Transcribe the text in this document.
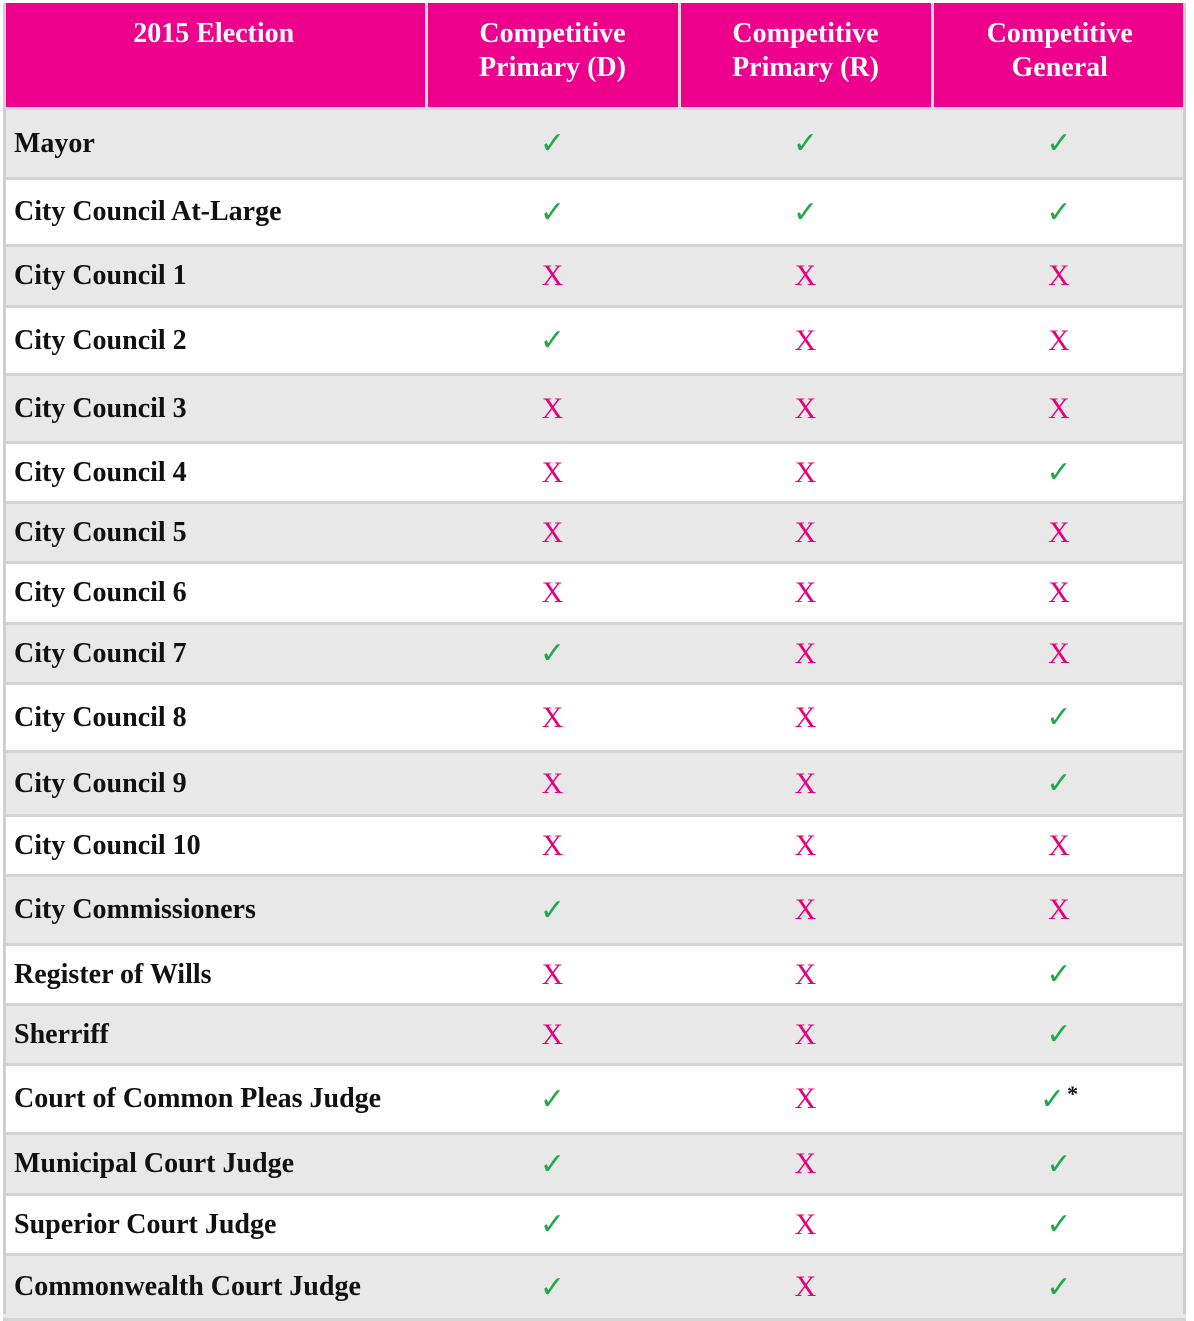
2015 Election	Competitive Primary (D)	Competitive Primary (R)	Competitive General
Mayor	✓	✓	✓
City Council At-Large	✓	✓	✓
City Council 1	X	X	X
City Council 2	✓	X	X
City Council 3	X	X	X
City Council 4	X	X	✓
City Council 5	X	X	X
City Council 6	X	X	X
City Council 7	✓	X	X
City Council 8	X	X	✓
City Council 9	X	X	✓
City Council 10	X	X	X
City Commissioners	✓	X	X
Register of Wills	X	X	✓
Sherriff	X	X	✓
Court of Common Pleas Judge	✓	X	✓*
Municipal Court Judge	✓	X	✓
Superior Court Judge	✓	X	✓
Commonwealth Court Judge	✓	X	✓
